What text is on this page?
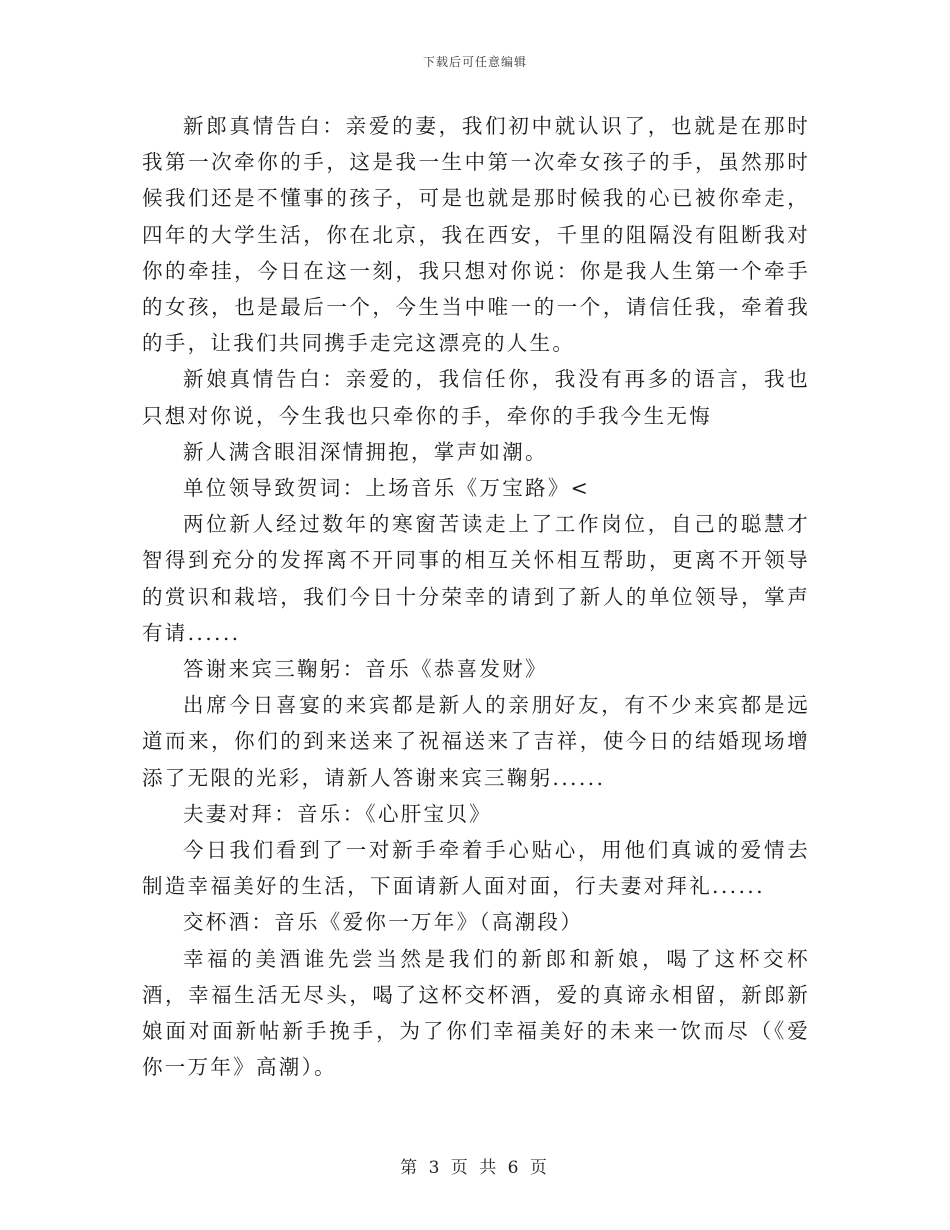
下载后可任意编辑

新郎真情告白：亲爱的妻，我们初中就认识了，也就是在那时我第一次牵你的手，这是我一生中第一次牵女孩子的手，虽然那时候我们还是不懂事的孩子，可是也就是那时候我的心已被你牵走，四年的大学生活，你在北京，我在西安，千里的阻隔没有阻断我对你的牵挂，今日在这一刻，我只想对你说：你是我人生第一个牵手的女孩，也是最后一个，今生当中唯一的一个，请信任我，牵着我的手，让我们共同携手走完这漂亮的人生。

新娘真情告白：亲爱的，我信任你，我没有再多的语言，我也只想对你说，今生我也只牵你的手，牵你的手我今生无悔

新人满含眼泪深情拥抱，掌声如潮。

单位领导致贺词：上场音乐《万宝路》<

两位新人经过数年的寒窗苦读走上了工作岗位，自己的聪慧才智得到充分的发挥离不开同事的相互关怀相互帮助，更离不开领导的赏识和栽培，我们今日十分荣幸的请到了新人的单位领导，掌声有请......

答谢来宾三鞠躬：音乐《恭喜发财》

出席今日喜宴的来宾都是新人的亲朋好友，有不少来宾都是远道而来，你们的到来送来了祝福送来了吉祥，使今日的结婚现场增添了无限的光彩，请新人答谢来宾三鞠躬......

夫妻对拜：音乐：《心肝宝贝》

今日我们看到了一对新手牵着手心贴心，用他们真诚的爱情去制造幸福美好的生活，下面请新人面对面，行夫妻对拜礼......

交杯酒：音乐《爱你一万年》（高潮段）

幸福的美酒谁先尝当然是我们的新郎和新娘，喝了这杯交杯酒，幸福生活无尽头，喝了这杯交杯酒，爱的真谛永相留，新郎新娘面对面新帖新手挽手，为了你们幸福美好的未来一饮而尽（《爱你一万年》高潮）。

第 3 页 共 6 页
